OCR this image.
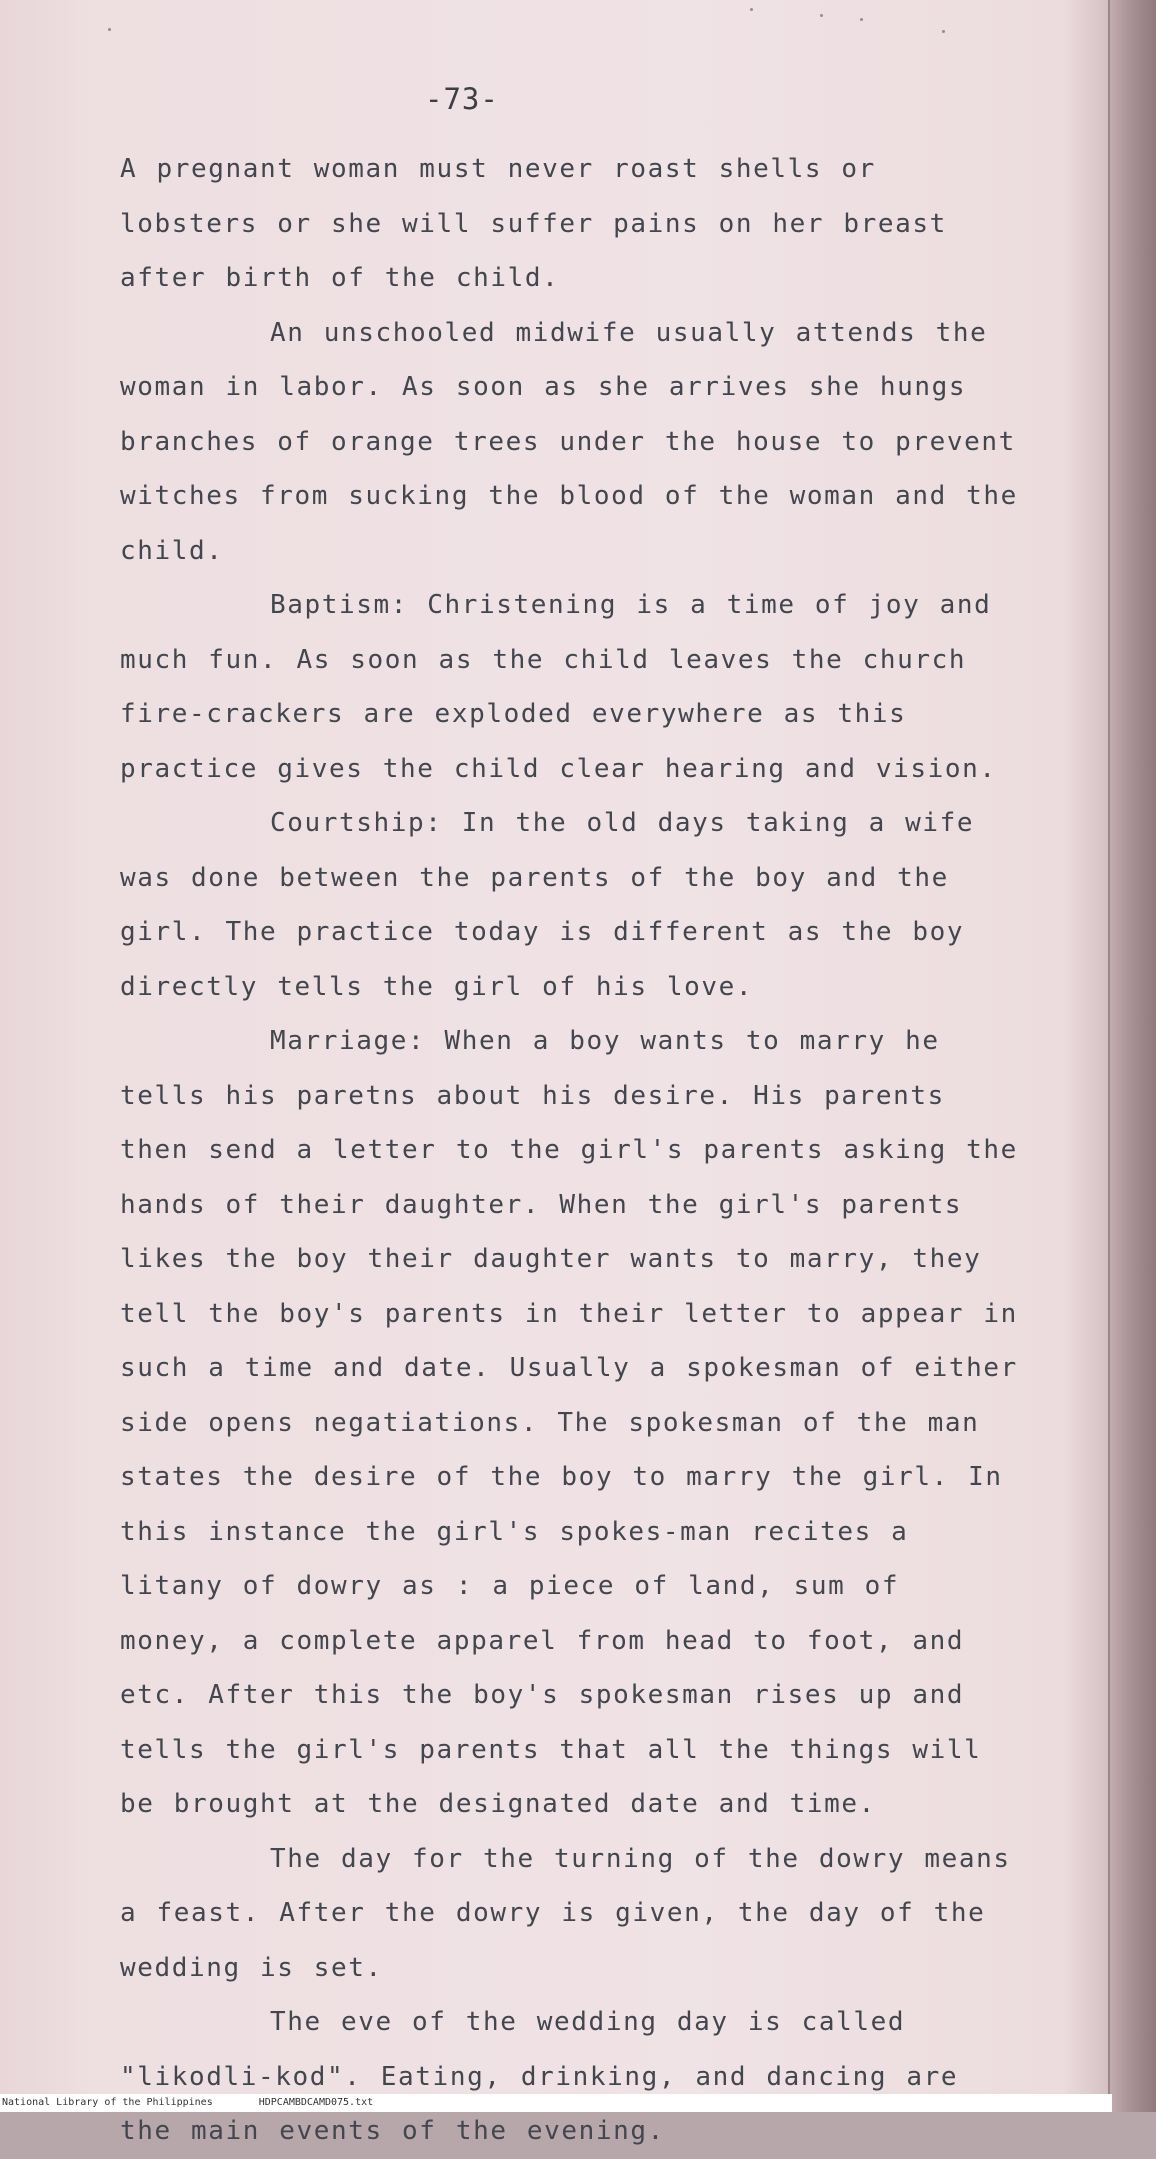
-73-

A pregnant woman must never roast shells or lobsters or she will suffer pains on her breast after birth of the child.

An unschooled midwife usually attends the woman in labor. As soon as she arrives she hungs branches of orange trees under the house to prevent witches from sucking the blood of the woman and the child.

Baptism: Christening is a time of joy and much fun. As soon as the child leaves the church fire-crackers are exploded everywhere as this practice gives the child clear hearing and vision.

Courtship: In the old days taking a wife was done between the parents of the boy and the girl. The practice today is different as the boy directly tells the girl of his love.

Marriage: When a boy wants to marry he tells his paretns about his desire. His parents then send a letter to the girl's parents asking the hands of their daughter. When the girl's parents likes the boy their daughter wants to marry, they tell the boy's parents in their letter to appear in such a time and date. Usually a spokesman of either side opens negatiations. The spokesman of the man states the desire of the boy to marry the girl. In this instance the girl's spokes-man recites a litany of dowry as : a piece of land, sum of money, a complete apparel from head to foot, and etc. After this the boy's spokesman rises up and tells the girl's parents that all the things will be brought at the designated date and time.

The day for the turning of the dowry means a feast. After the dowry is given, the day of the wedding is set.

The eve of the wedding day is called "likodli-kod". Eating, drinking, and dancing are the main events of the evening.

National Library of the Philippines	HDPCAMBDCAMD075.txt
